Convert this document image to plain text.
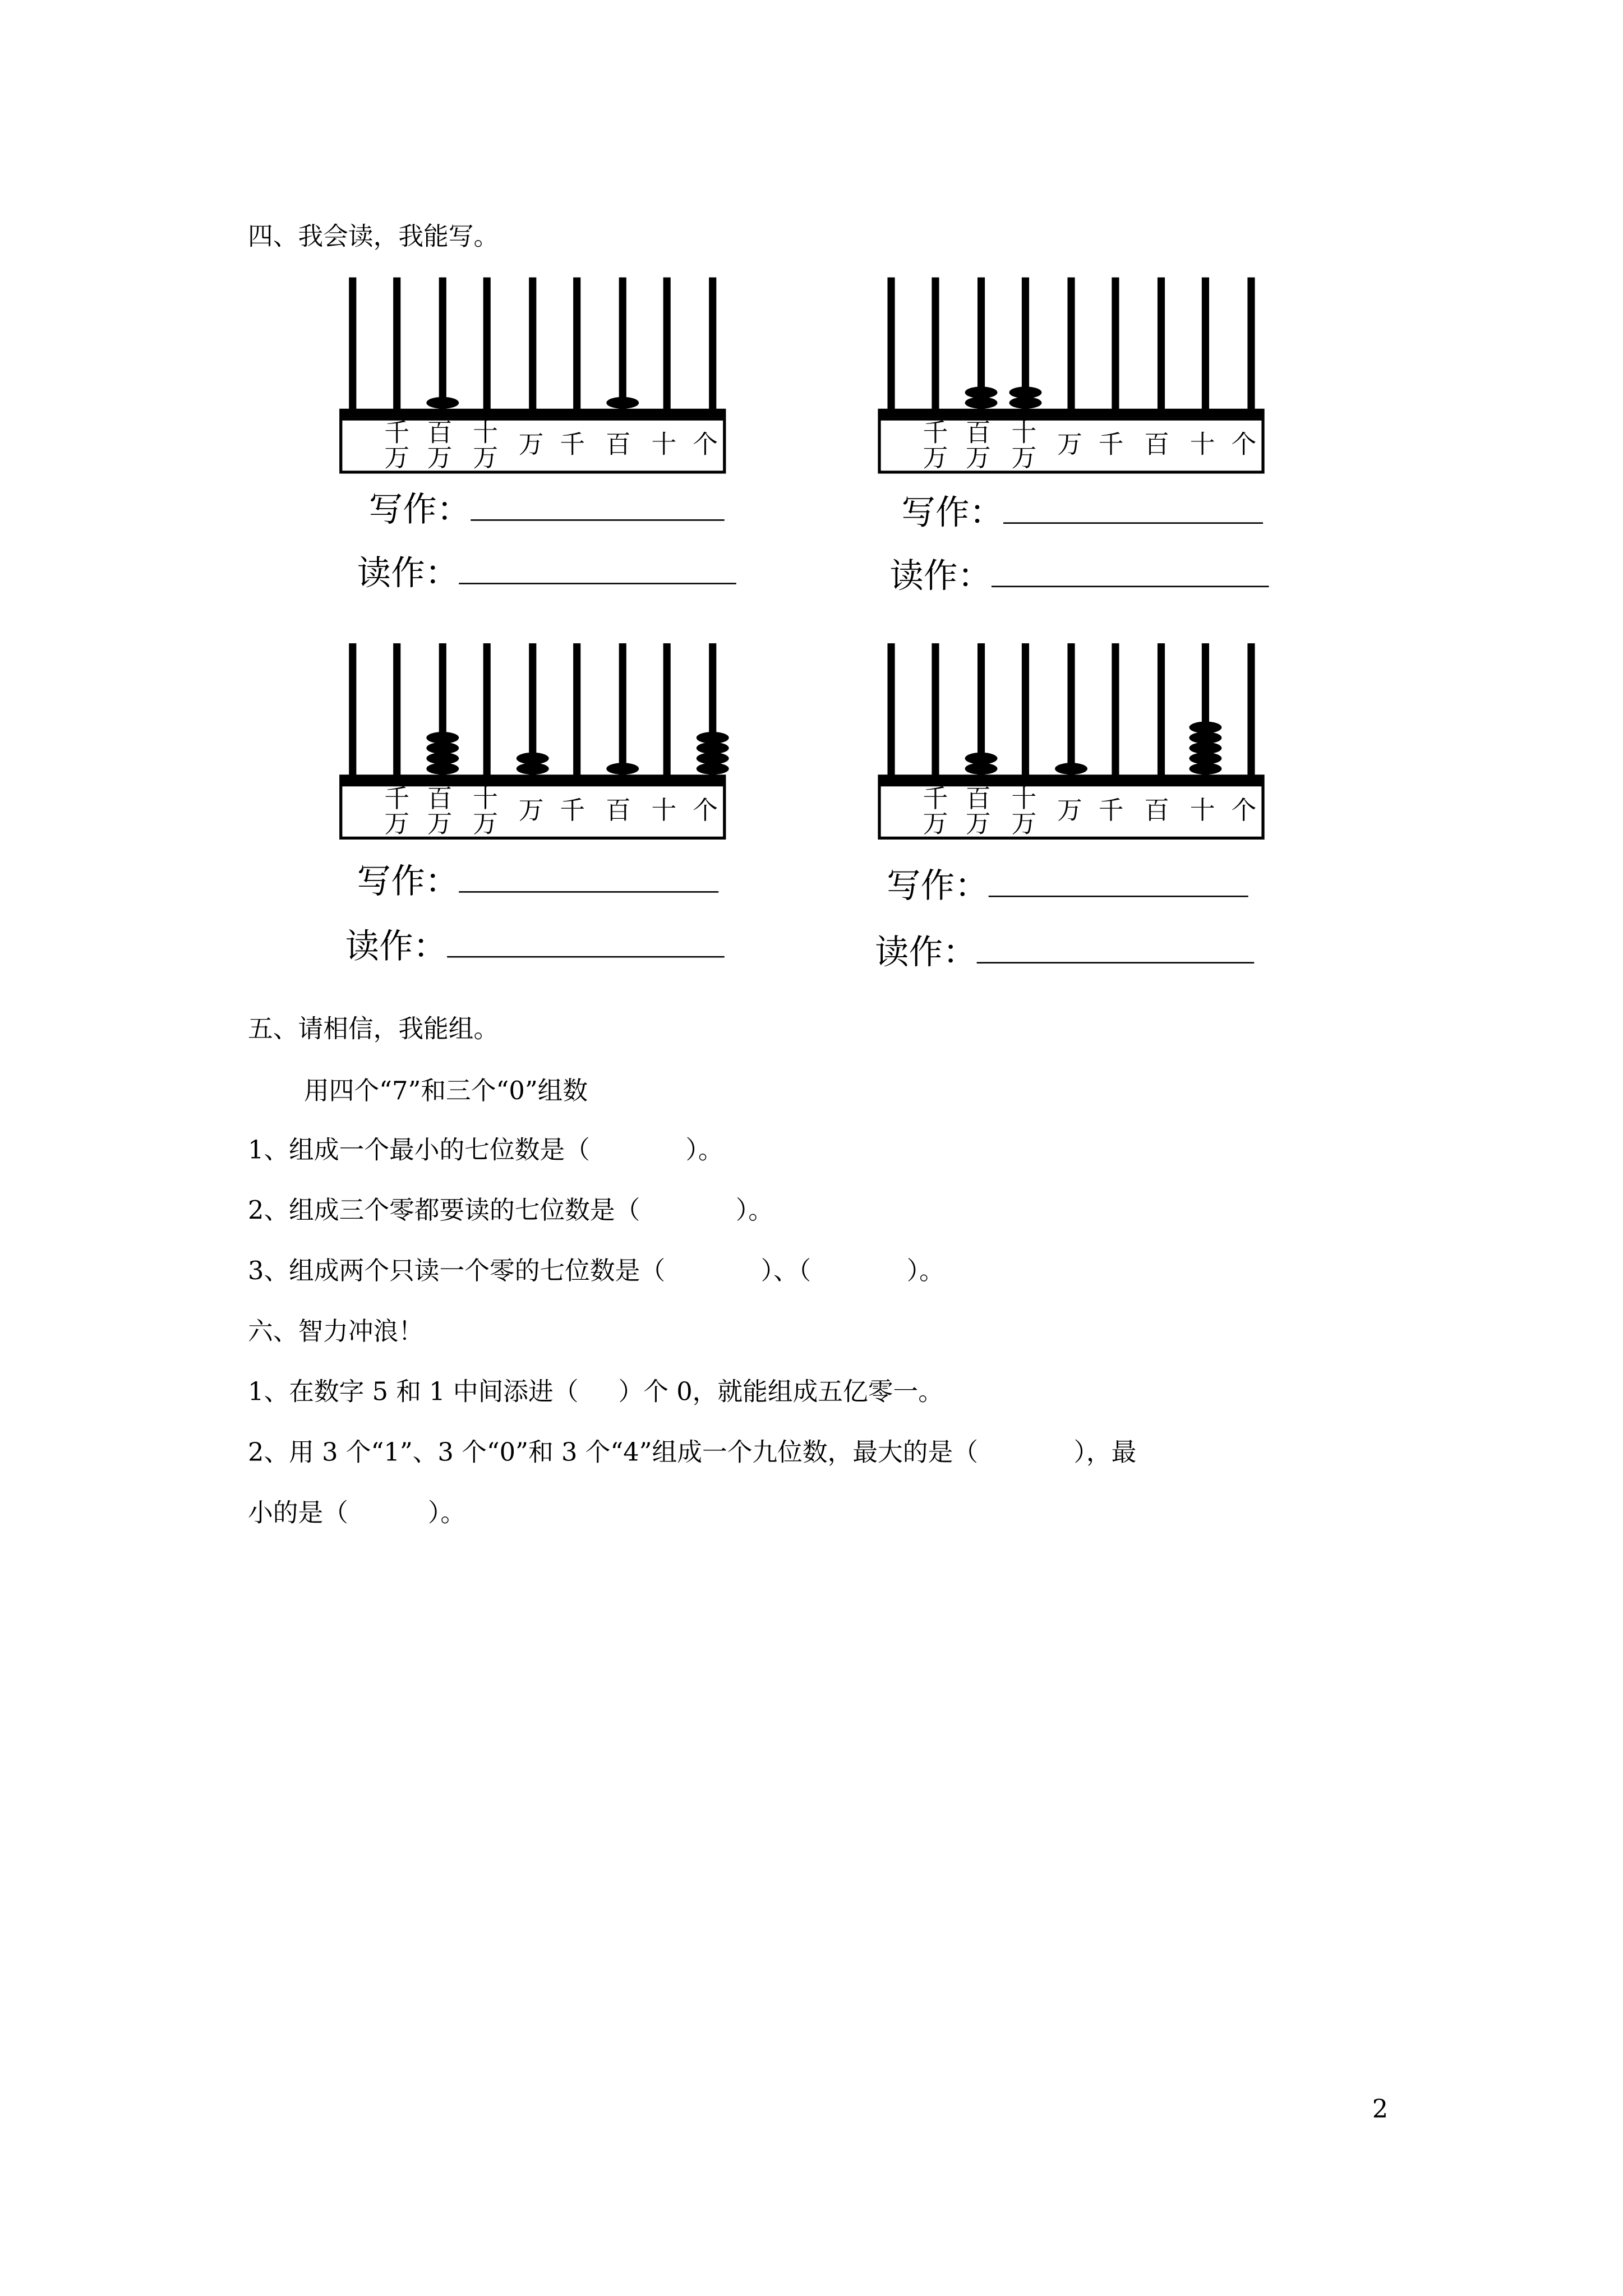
四、我会读，我能写。
千
万
百
万
十
万	万	千	百	十	个
写作：
读作：
千
万
百
万
十
万	万	千	百	十	个
写作：
读作：
千
万
百
万
十
万	万	千	百	十	个
写作：
读作：
千
万
百
万
十
万	万	千	百	十	个
写作：
读作：
五、请相信，我能组。
用四个“7”和三个“0”组数
1、组成一个最小的七位数是（            ）。
2、组成三个零都要读的七位数是（            ）。
3、组成两个只读一个零的七位数是（            ）、（            ）。
六、智力冲浪！
1、在数字 5 和 1 中间添进（     ）个 0，就能组成五亿零一。
2、用 3 个“1”、3 个“0”和 3 个“4”组成一个九位数，最大的是（            ），最
小的是（          ）。
2
